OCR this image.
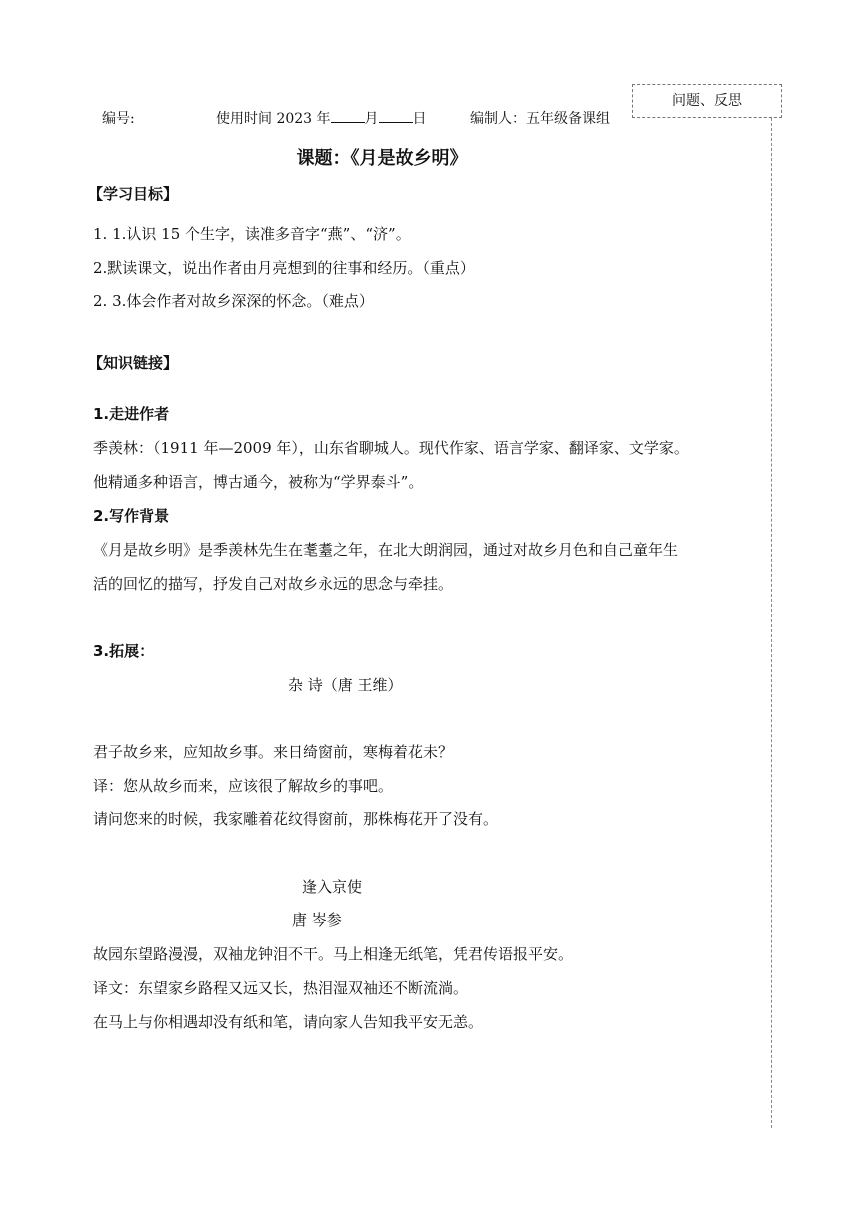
编号:	使用时间 2023 年 月 日	编制人：五年级备课组
问题、反思
课题：《月是故乡明》
【学习目标】
1. 1.认识 15 个生字，读准多音字“燕”、“济”。
2.默读课文，说出作者由月亮想到的往事和经历。（重点）
2. 3.体会作者对故乡深深的怀念。（难点）
【知识链接】
1.走进作者
季羡林：（1911 年—2009 年），山东省聊城人。现代作家、语言学家、翻译家、文学家。
他精通多种语言，博古通今，被称为“学界泰斗”。
2.写作背景
《月是故乡明》是季羡林先生在耄耋之年，在北大朗润园，通过对故乡月色和自己童年生
活的回忆的描写，抒发自己对故乡永远的思念与牵挂。
3.拓展：
杂 诗（唐 王维）
君子故乡来，应知故乡事。来日绮窗前，寒梅着花未？
译：您从故乡而来，应该很了解故乡的事吧。
请问您来的时候，我家雕着花纹得窗前，那株梅花开了没有。
逢入京使
唐 岑参
故园东望路漫漫，双袖龙钟泪不干。马上相逢无纸笔，凭君传语报平安。
译文：东望家乡路程又远又长，热泪湿双袖还不断流淌。
在马上与你相遇却没有纸和笔，请向家人告知我平安无恙。
